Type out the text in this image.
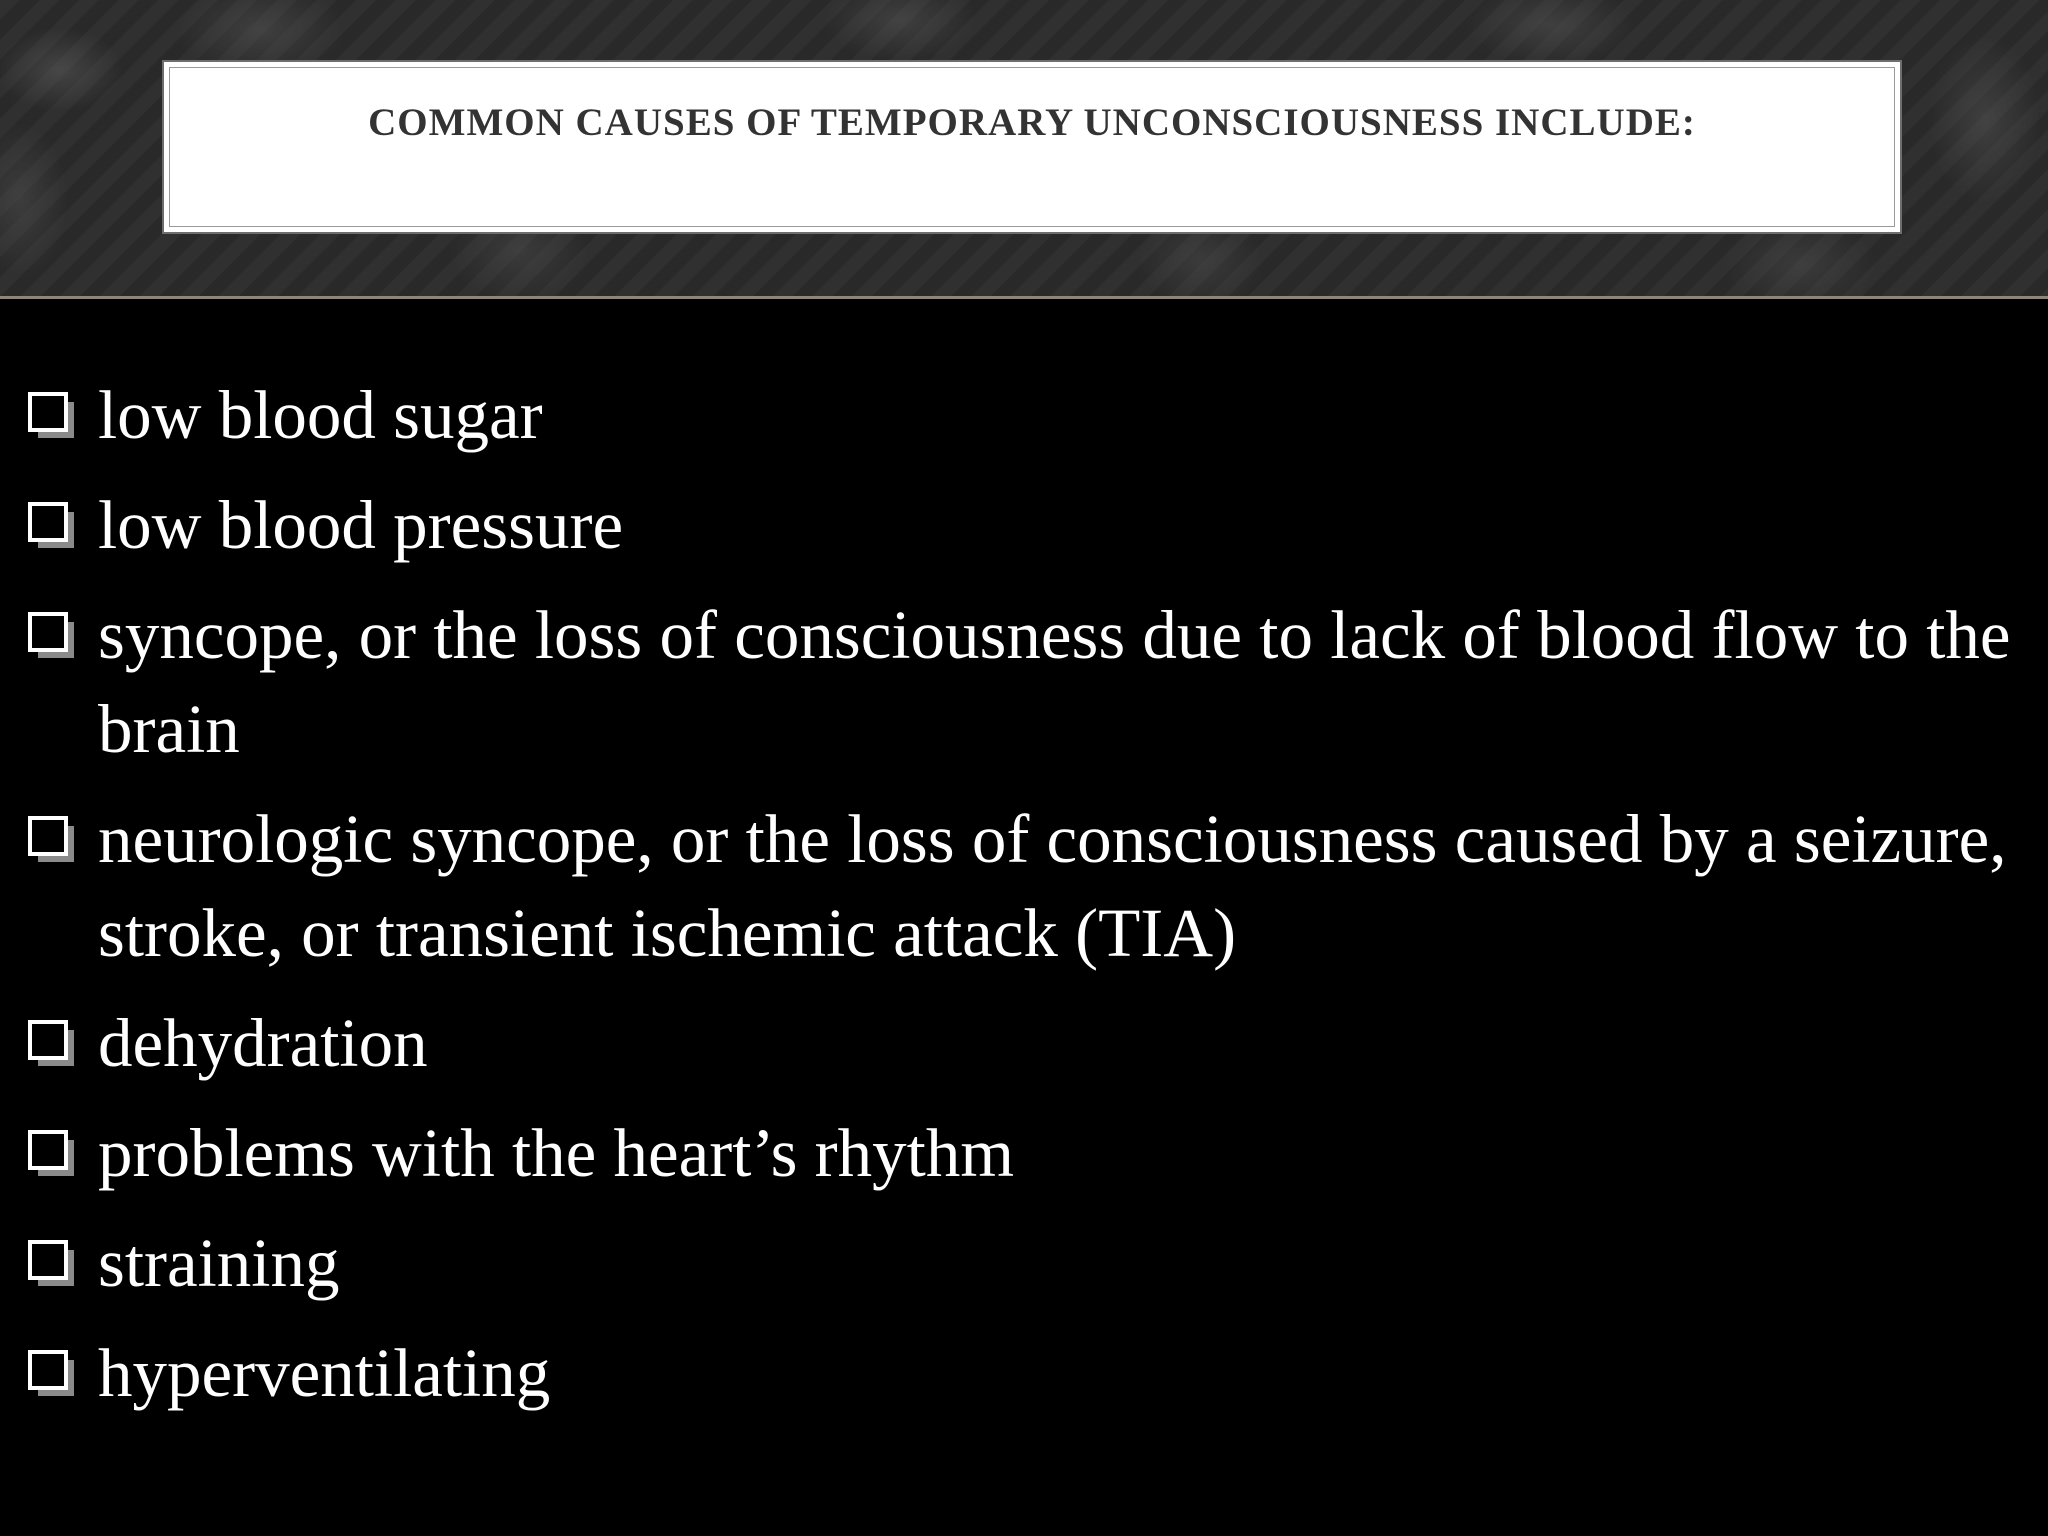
COMMON CAUSES OF TEMPORARY UNCONSCIOUSNESS INCLUDE:
low blood sugar
low blood pressure
syncope, or the loss of consciousness due to lack of blood flow to the brain
neurologic syncope, or the loss of consciousness caused by a seizure, stroke, or transient ischemic attack (TIA)
dehydration
problems with the heart’s rhythm
straining
hyperventilating
